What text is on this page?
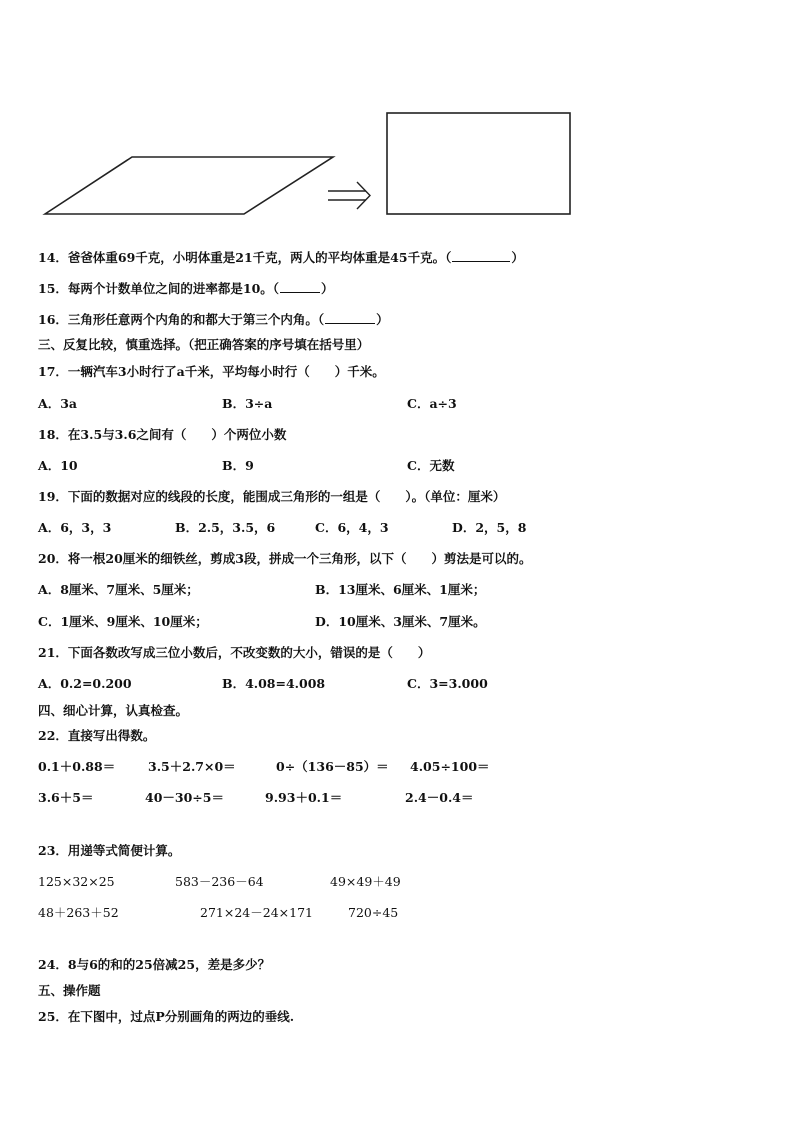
14．爸爸体重69千克，小明体重是21千克，两人的平均体重是45千克。（	）
15．每两个计数单位之间的进率都是10。（	）
16．三角形任意两个内角的和都大于第三个内角。（	）
三、反复比较，慎重选择。（把正确答案的序号填在括号里）
17．一辆汽车3小时行了a千米，平均每小时行（　　）千米。
A．3a	B．3÷a	C．a÷3
18．在3.5与3.6之间有（　　）个两位小数
A．10	B．9	C．无数
19．下面的数据对应的线段的长度，能围成三角形的一组是（　　）。（单位：厘米）
A．6，3，3	B．2.5，3.5，6	C．6，4，3	D．2，5，8
20．将一根20厘米的细铁丝，剪成3段，拼成一个三角形，以下（　　）剪法是可以的。
A．8厘米、7厘米、5厘米；	B．13厘米、6厘米、1厘米；
C．1厘米、9厘米、10厘米；	D．10厘米、3厘米、7厘米。
21．下面各数改写成三位小数后，不改变数的大小，错误的是（　　）
A．0.2=0.200	B．4.08=4.008	C．3=3.000
四、细心计算，认真检查。
22．直接写出得数。
0.1＋0.88＝	3.5＋2.7×0＝	0÷（136－85）＝ 4.05÷100＝
3.6＋5＝	40－30÷5＝	9.93＋0.1＝	2.4－0.4＝
23．用递等式简便计算。
125×32×25	583－236－64	49×49＋49
48＋263＋52	271×24－24×171	720÷45
24．8与6的和的25倍减25，差是多少？
五、操作题
25．在下图中，过点P分别画角的两边的垂线.
